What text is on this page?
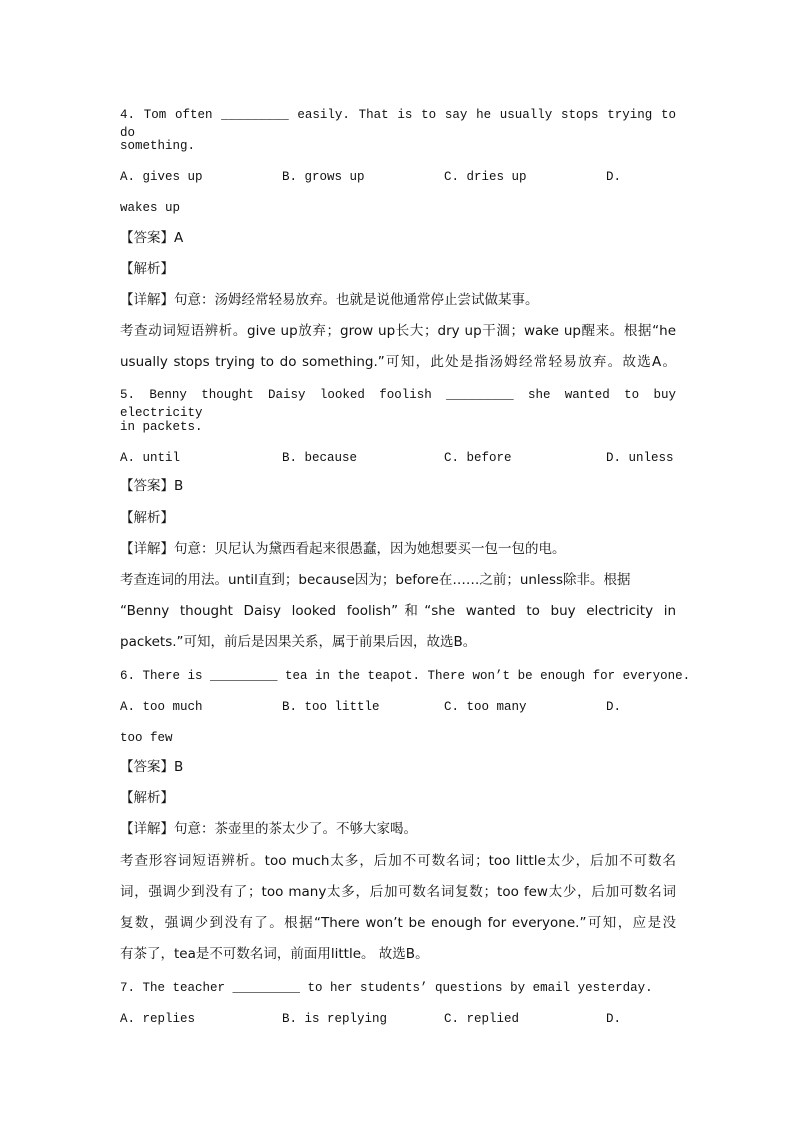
4. Tom often _________ easily. That is to say he usually stops trying to do
something.
A. gives up	B. grows up	C. dries up	D.
wakes up
【答案】A
【解析】
【详解】句意：汤姆经常轻易放弃。也就是说他通常停止尝试做某事。
考查动词短语辨析。give up放弃；grow up长大；dry up干涸；wake up醒来。根据“he
usually stops trying to do something.”可知，此处是指汤姆经常轻易放弃。故选A。
5. Benny thought Daisy looked foolish _________ she wanted to buy electricity
in packets.
A. until	B. because	C. before	D. unless
【答案】B
【解析】
【详解】句意：贝尼认为黛西看起来很愚蠢，因为她想要买一包一包的电。
考查连词的用法。until直到；because因为；before在……之前；unless除非。根据
“Benny thought Daisy looked foolish”和“she wanted to buy electricity in
packets.”可知，前后是因果关系，属于前果后因，故选B。
6. There is _________ tea in the teapot. There won’t be enough for everyone.
A. too much	B. too little	C. too many	D.
too few
【答案】B
【解析】
【详解】句意：茶壶里的茶太少了。不够大家喝。
考查形容词短语辨析。too much太多，后加不可数名词；too little太少，后加不可数名
词，强调少到没有了；too many太多，后加可数名词复数；too few太少，后加可数名词
复数，强调少到没有了。根据“There won’t be enough for everyone.”可知，应是没
有茶了，tea是不可数名词，前面用little。 故选B。
7. The teacher _________ to her students’ questions by email yesterday.
A. replies	B. is replying	C. replied	D.
